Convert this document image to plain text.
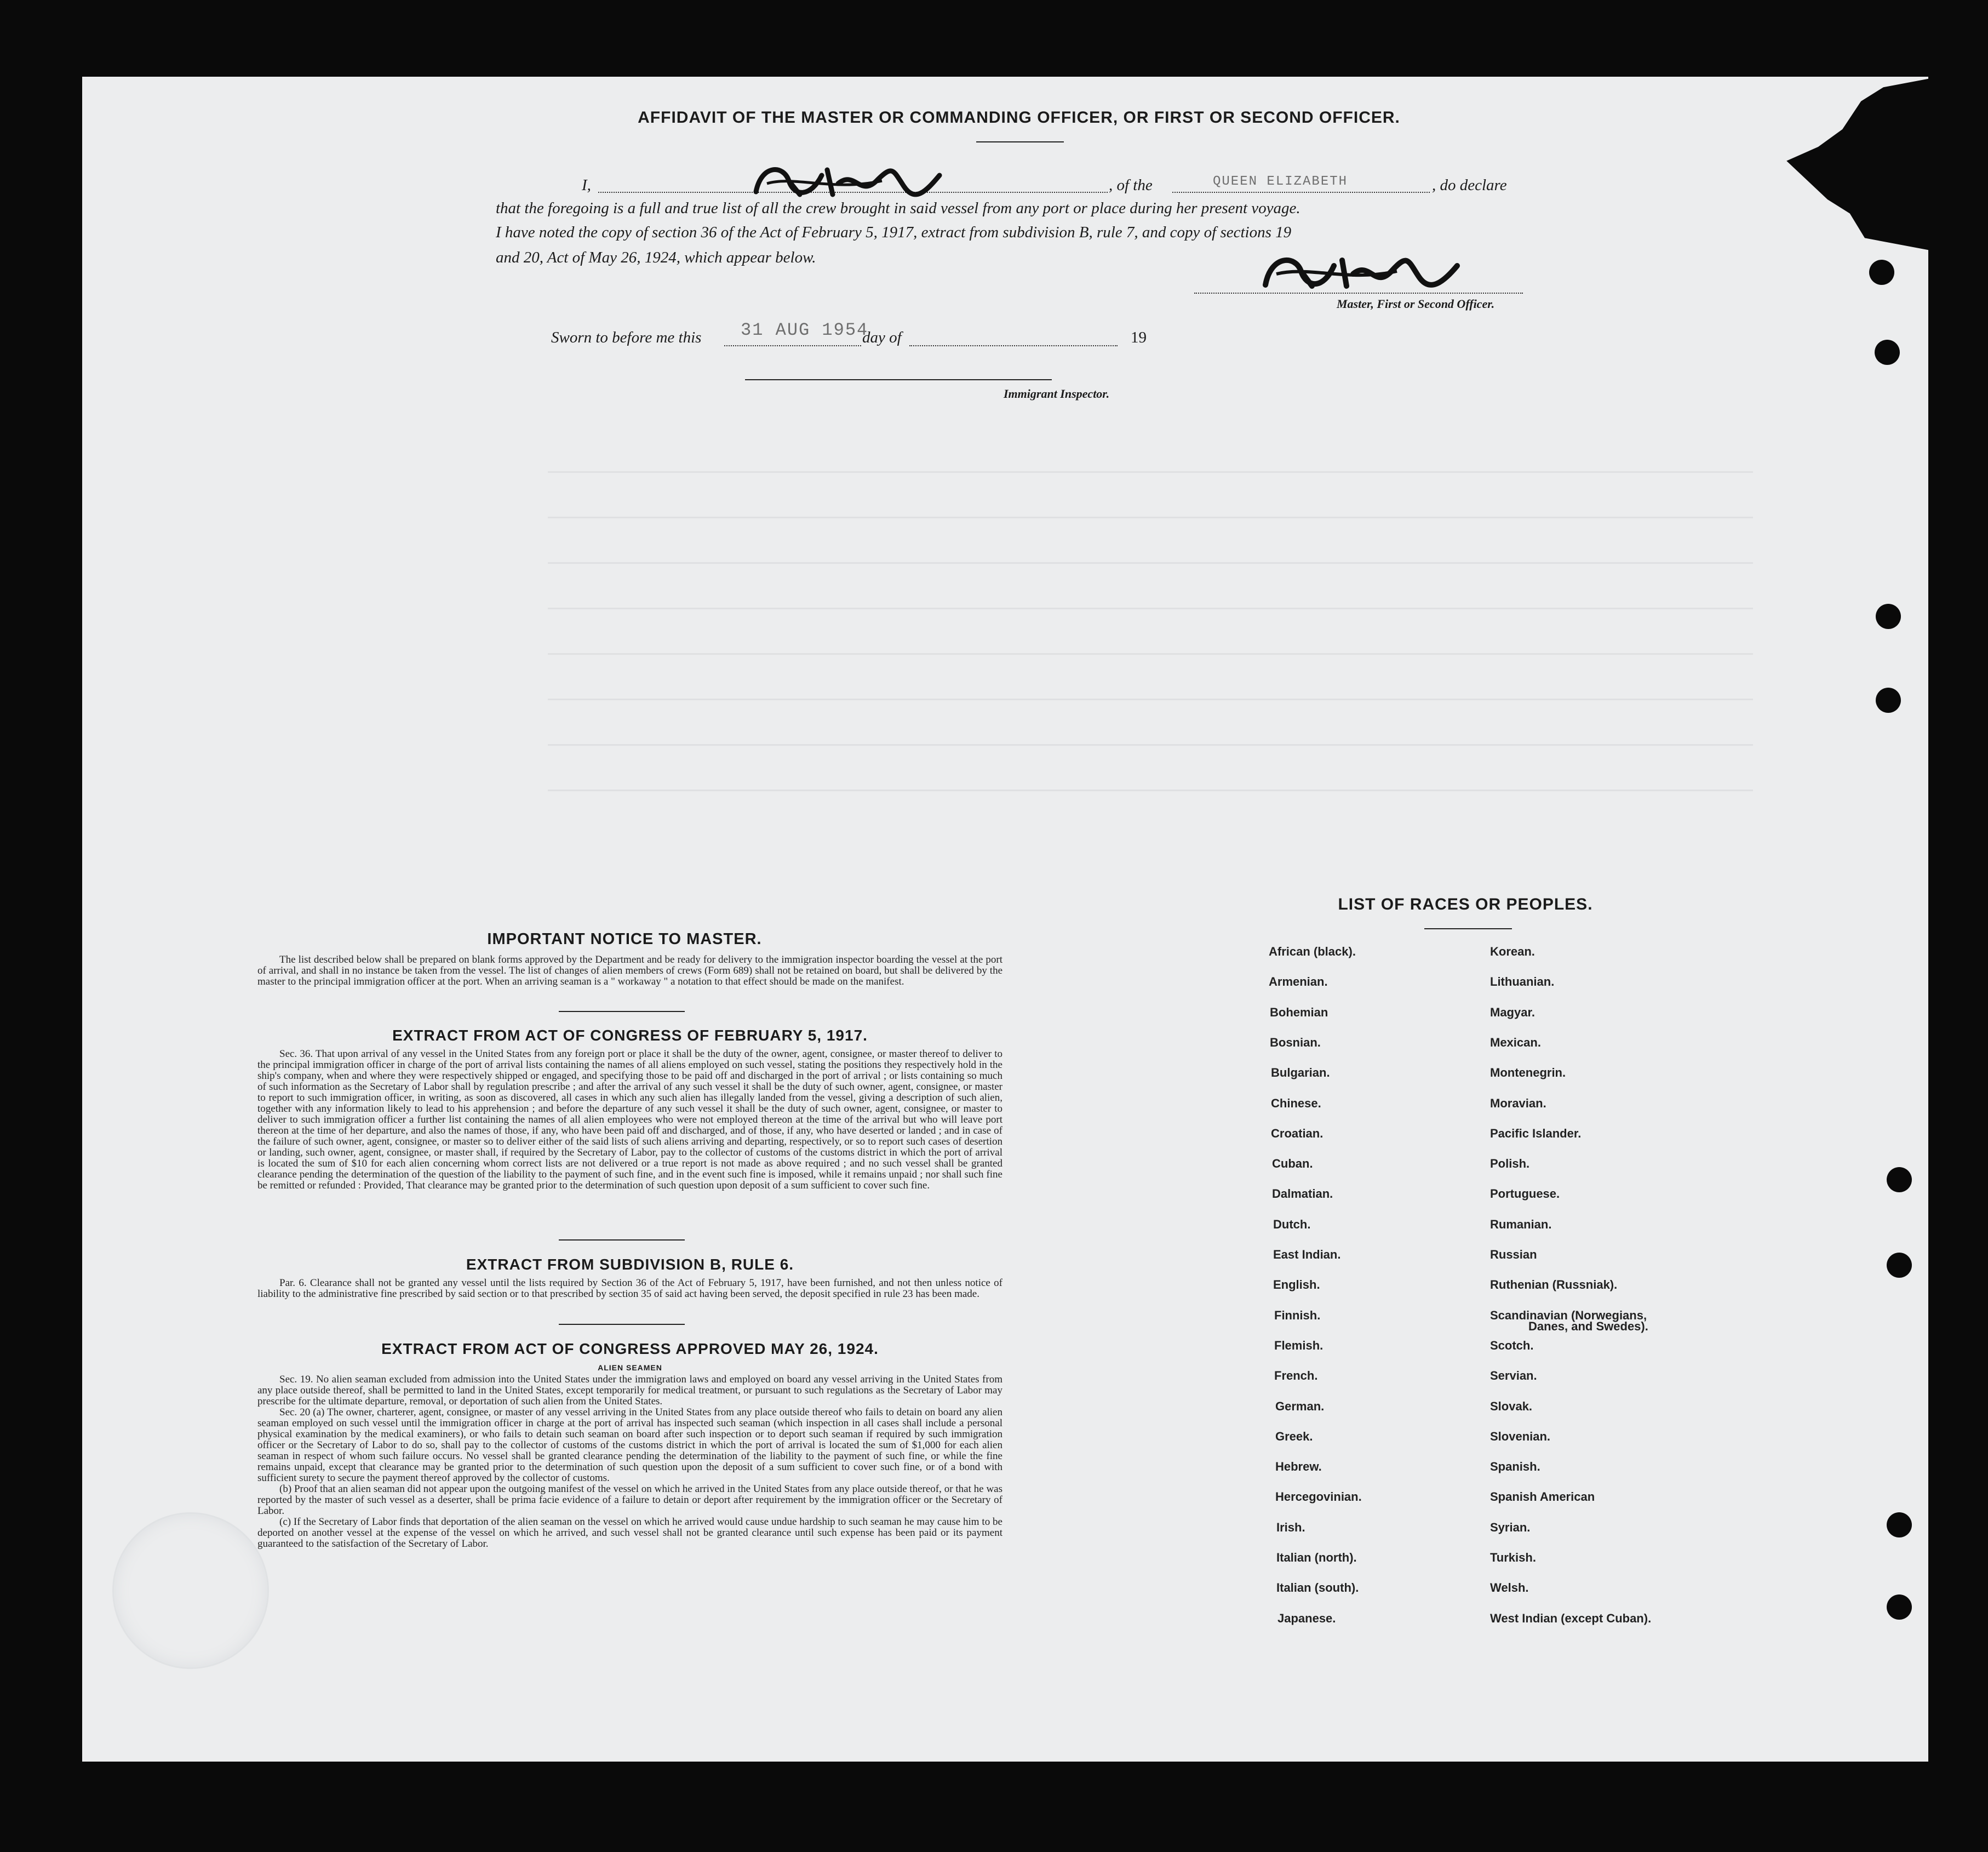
AFFIDAVIT OF THE MASTER OR COMMANDING OFFICER, OR FIRST OR SECOND OFFICER.
I,	, of the	QUEEN ELIZABETH	, do declare
that the foregoing is a full and true list of all the crew brought in said vessel from any port or place during her present voyage.
I have noted the copy of section 36 of the Act of February 5, 1917, extract from subdivision B, rule 7, and copy of sections 19
and 20, Act of May 26, 1924, which appear below.
Master, First or Second Officer.
Sworn to before me this 31 AUG 1954
day of	19
Immigrant Inspector.
IMPORTANT NOTICE TO MASTER.

The list described below shall be prepared on blank forms approved by the Department and be ready for delivery to the immigration inspector boarding the vessel at the port of arrival, and shall in no instance be taken from the vessel. The list of changes of alien members of crews (Form 689) shall not be retained on board, but shall be delivered by the master to the principal immigration officer at the port. When an arriving seaman is a " workaway " a notation to that effect should be made on the manifest.

EXTRACT FROM ACT OF CONGRESS OF FEBRUARY 5, 1917.

Sec. 36. That upon arrival of any vessel in the United States from any foreign port or place it shall be the duty of the owner, agent, consignee, or master thereof to deliver to the principal immigration officer in charge of the port of arrival lists containing the names of all aliens employed on such vessel, stating the positions they respectively hold in the ship's company, when and where they were respectively shipped or engaged, and specifying those to be paid off and discharged in the port of arrival ; or lists containing so much of such information as the Secretary of Labor shall by regulation prescribe ; and after the arrival of any such vessel it shall be the duty of such owner, agent, consignee, or master to report to such immigration officer, in writing, as soon as discovered, all cases in which any such alien has illegally landed from the vessel, giving a description of such alien, together with any information likely to lead to his apprehension ; and before the departure of any such vessel it shall be the duty of such owner, agent, consignee, or master to deliver to such immigration officer a further list containing the names of all alien employees who were not employed thereon at the time of the arrival but who will leave port thereon at the time of her departure, and also the names of those, if any, who have been paid off and discharged, and of those, if any, who have deserted or landed ; and in case of the failure of such owner, agent, consignee, or master so to deliver either of the said lists of such aliens arriving and departing, respectively, or so to report such cases of desertion or landing, such owner, agent, consignee, or master shall, if required by the Secretary of Labor, pay to the collector of customs of the customs district in which the port of arrival is located the sum of $10 for each alien concerning whom correct lists are not delivered or a true report is not made as above required ; and no such vessel shall be granted clearance pending the determination of the question of the liability to the payment of such fine, and in the event such fine is imposed, while it remains unpaid ; nor shall such fine be remitted or refunded : Provided, That clearance may be granted prior to the determination of such question upon deposit of a sum sufficient to cover such fine.

EXTRACT FROM SUBDIVISION B, RULE 6.

Par. 6. Clearance shall not be granted any vessel until the lists required by Section 36 of the Act of February 5, 1917, have been furnished, and not then unless notice of liability to the administrative fine prescribed by said section or to that prescribed by section 35 of said act having been served, the deposit specified in rule 23 has been made.

EXTRACT FROM ACT OF CONGRESS APPROVED MAY 26, 1924.
ALIEN SEAMEN

Sec. 19. No alien seaman excluded from admission into the United States under the immigration laws and employed on board any vessel arriving in the United States from any place outside thereof, shall be permitted to land in the United States, except temporarily for medical treatment, or pursuant to such regulations as the Secretary of Labor may prescribe for the ultimate departure, removal, or deportation of such alien from the United States.

Sec. 20 (a) The owner, charterer, agent, consignee, or master of any vessel arriving in the United States from any place outside thereof who fails to detain on board any alien seaman employed on such vessel until the immigration officer in charge at the port of arrival has inspected such seaman (which inspection in all cases shall include a personal physical examination by the medical examiners), or who fails to detain such seaman on board after such inspection or to deport such seaman if required by such immigration officer or the Secretary of Labor to do so, shall pay to the collector of customs of the customs district in which the port of arrival is located the sum of $1,000 for each alien seaman in respect of whom such failure occurs. No vessel shall be granted clearance pending the determination of the liability to the payment of such fine, or while the fine remains unpaid, except that clearance may be granted prior to the determination of such question upon the deposit of a sum sufficient to cover such fine, or of a bond with sufficient surety to secure the payment thereof approved by the collector of customs.

(b) Proof that an alien seaman did not appear upon the outgoing manifest of the vessel on which he arrived in the United States from any place outside thereof, or that he was reported by the master of such vessel as a deserter, shall be prima facie evidence of a failure to detain or deport after requirement by the immigration officer or the Secretary of Labor.

(c) If the Secretary of Labor finds that deportation of the alien seaman on the vessel on which he arrived would cause undue hardship to such seaman he may cause him to be deported on another vessel at the expense of the vessel on which he arrived, and such vessel shall not be granted clearance until such expense has been paid or its payment guaranteed to the satisfaction of the Secretary of Labor.

LIST OF RACES OR PEOPLES.
African (black).
Armenian.
Bohemian
Bosnian.
Bulgarian.
Chinese.
Croatian.
Cuban.
Dalmatian.
Dutch.
East Indian.
English.
Finnish.
Flemish.
French.
German.
Greek.
Hebrew.
Hercegovinian.
Irish.
Italian (north).
Italian (south).
Japanese.
Korean.
Lithuanian.
Magyar.
Mexican.
Montenegrin.
Moravian.
Pacific Islander.
Polish.
Portuguese.
Rumanian.
Russian
Ruthenian (Russniak).
Scandinavian (Norwegians,
Scotch.
Servian.
Slovak.
Slovenian.
Spanish.
Spanish American
Syrian.
Turkish.
Welsh.
West Indian (except Cuban).
Danes, and Swedes).
